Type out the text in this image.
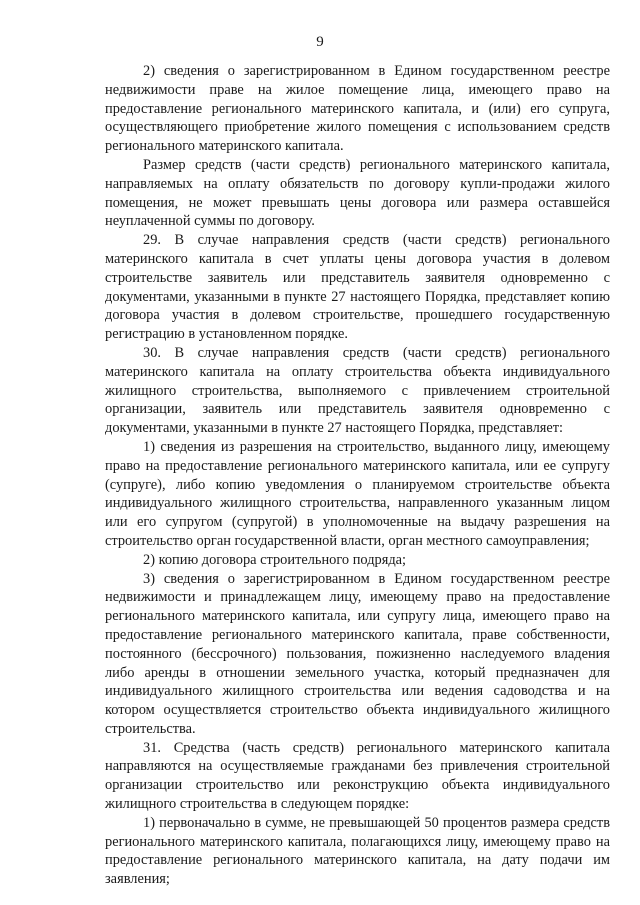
9

2) сведения о зарегистрированном в Едином государственном реестре недвижимости праве на жилое помещение лица, имеющего право на предоставление регионального материнского капитала, и (или) его супруга, осуществляющего приобретение жилого помещения с использованием средств регионального материнского капитала.

Размер средств (части средств) регионального материнского капитала, направляемых на оплату обязательств по договору купли-продажи жилого помещения, не может превышать цены договора или размера оставшейся неуплаченной суммы по договору.

29. В случае направления средств (части средств) регионального материнского капитала в счет уплаты цены договора участия в долевом строительстве заявитель или представитель заявителя одновременно с документами, указанными в пункте 27 настоящего Порядка, представляет копию договора участия в долевом строительстве, прошедшего государственную регистрацию в установленном порядке.

30. В случае направления средств (части средств) регионального материнского капитала на оплату строительства объекта индивидуального жилищного строительства, выполняемого с привлечением строительной организации, заявитель или представитель заявителя одновременно с документами, указанными в пункте 27 настоящего Порядка, представляет:

1) сведения из разрешения на строительство, выданного лицу, имеющему право на предоставление регионального материнского капитала, или ее супругу (супруге), либо копию уведомления о планируемом строительстве объекта индивидуального жилищного строительства, направленного указанным лицом или его супругом (супругой) в уполномоченные на выдачу разрешения на строительство орган государственной власти, орган местного самоуправления;

2) копию договора строительного подряда;

3) сведения о зарегистрированном в Едином государственном реестре недвижимости и принадлежащем лицу, имеющему право на предоставление регионального материнского капитала, или супругу лица, имеющего право на предоставление регионального материнского капитала, праве собственности, постоянного (бессрочного) пользования, пожизненно наследуемого владения либо аренды в отношении земельного участка, который предназначен для индивидуального жилищного строительства или ведения садоводства и на котором осуществляется строительство объекта индивидуального жилищного строительства.

31. Средства (часть средств) регионального материнского капитала направляются на осуществляемые гражданами без привлечения строительной организации строительство или реконструкцию объекта индивидуального жилищного строительства в следующем порядке:

1) первоначально в сумме, не превышающей 50 процентов размера средств регионального материнского капитала, полагающихся лицу, имеющему право на предоставление регионального материнского капитала, на дату подачи им заявления;
